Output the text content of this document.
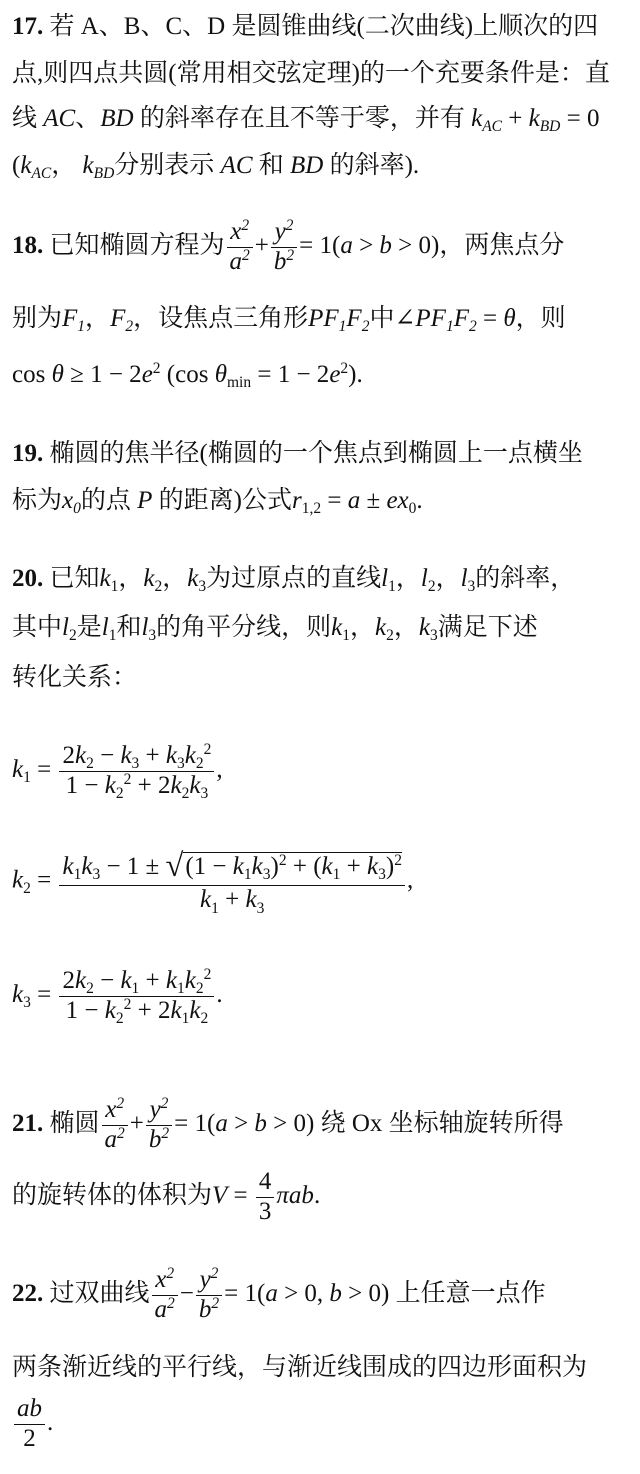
17. 若 A、B、C、D 是圆锥曲线(二次曲线)上顺次的四
点,则四点共圆(常用相交弦定理)的一个充要条件是：直
线 AC、BD 的斜率存在且不等于零，并有 $k_{AC} + k_{BD} = 0$
($k_{AC}$， $k_{BD}$分别表示 AC 和 BD 的斜率).
18. 已知椭圆方程为 $\frac{x^2}{a^2} + \frac{y^2}{b^2} = 1(a > b > 0)$，两焦点分
别为$F_1$，$F_2$，设焦点三角形$PF_1F_2$中$\angle PF_1F_2 = \theta$，则
$\cos \theta \ge 1 - 2e^2$ (cos $\theta_{min} = 1 - 2e^2$).
19. 椭圆的焦半径(椭圆的一个焦点到椭圆上一点横坐
标为$x_0$的点 P 的距离)公式$r_{1,2} = a \pm ex_0$.
20. 已知$k_1$，$k_2$，$k_3$为过原点的直线$l_1$，$l_2$，$l_3$的斜率，
其中$l_2$是$l_1$和$l_3$的角平分线，则$k_1$，$k_2$，$k_3$满足下述
转化关系：
$k_1 = \frac{2k_2 - k_3 + k_3k_2^2}{1 - k_2^2 + 2k_2k_3}$ ,
$k_2 = \frac{k_1k_3 - 1 \pm √(1 - k_1k_3)^2 + (k_1 + k_3)^2}{k_1 + k_3}$ ,
$k_3 = \frac{2k_2 - k_1 + k_1k_2^2}{1 - k_2^2 + 2k_1k_2}$ .
21. 椭圆 $\frac{x^2}{a^2} + \frac{y^2}{b^2} = 1(a > b > 0)$ 绕 Ox 坐标轴旋转所得
的旋转体的体积为$V = \frac{4}{3} \pi ab$.
22. 过双曲线 $\frac{x^2}{a^2} - \frac{y^2}{b^2} = 1(a > 0$, b > 0) 上任意一点作
两条渐近线的平行线，与渐近线围成的四边形面积为
$\frac{ab}{2}$ .
